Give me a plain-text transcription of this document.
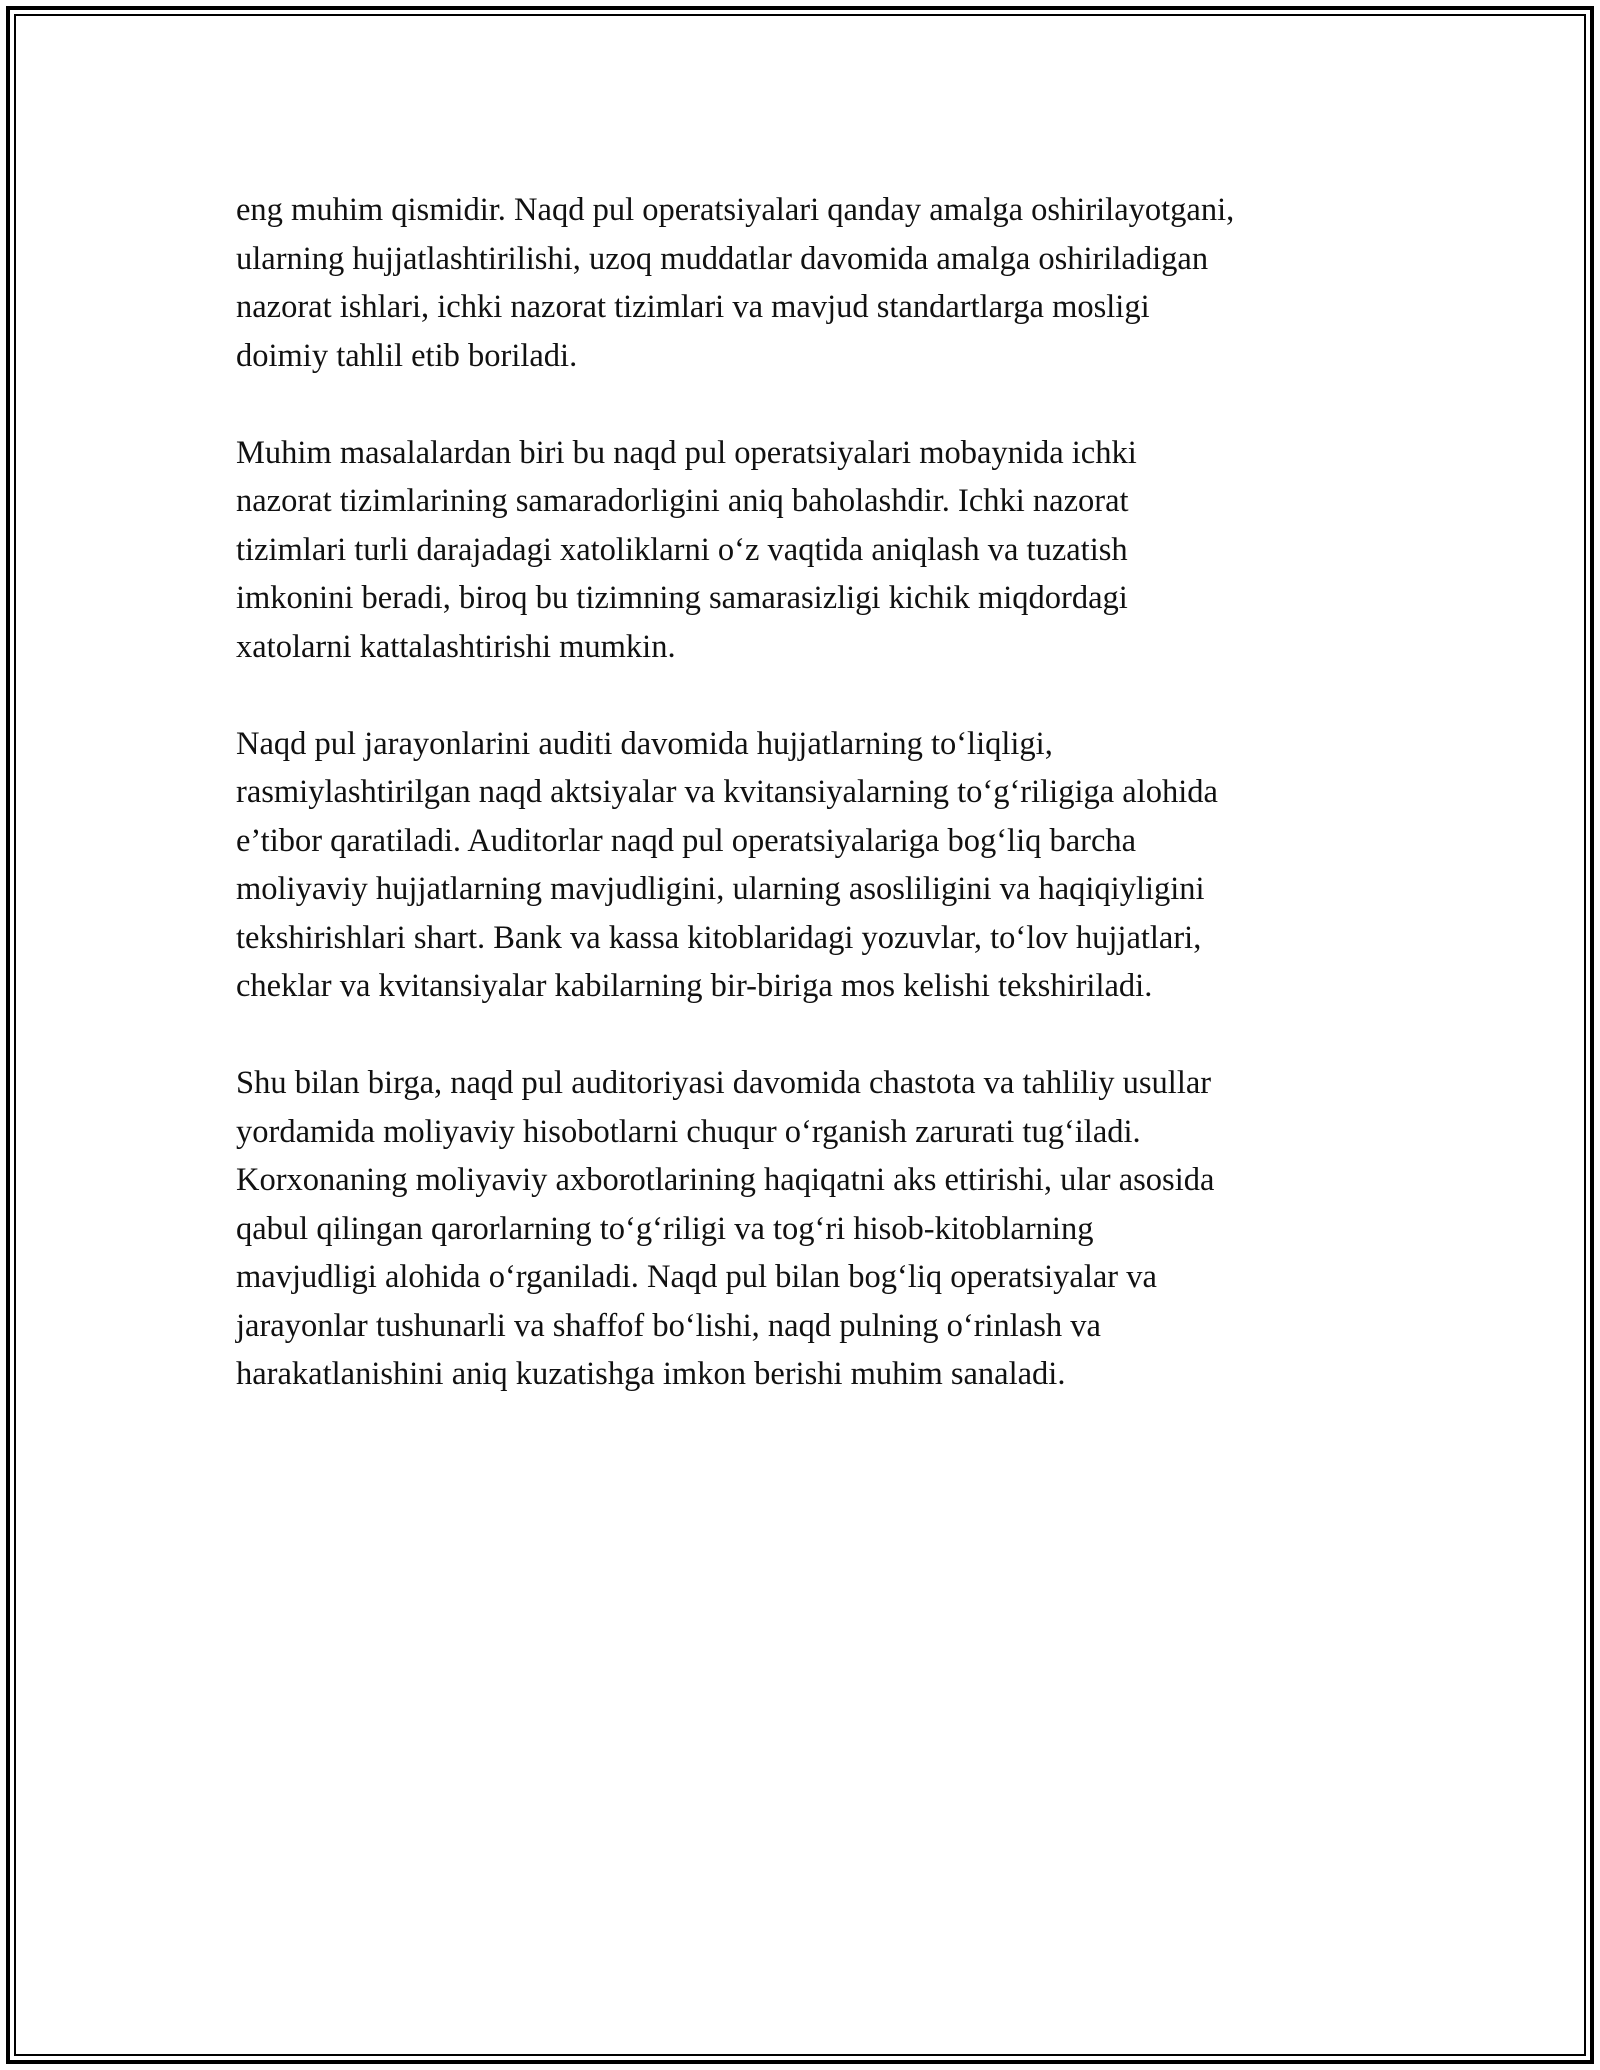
eng muhim qismidir. Naqd pul operatsiyalari qanday amalga oshirilayotgani,
ularning hujjatlashtirilishi, uzoq muddatlar davomida amalga oshiriladigan
nazorat ishlari, ichki nazorat tizimlari va mavjud standartlarga mosligi
doimiy tahlil etib boriladi.

Muhim masalalardan biri bu naqd pul operatsiyalari mobaynida ichki
nazorat tizimlarining samaradorligini aniq baholashdir. Ichki nazorat
tizimlari turli darajadagi xatoliklarni o‘z vaqtida aniqlash va tuzatish
imkonini beradi, biroq bu tizimning samarasizligi kichik miqdordagi
xatolarni kattalashtirishi mumkin.

Naqd pul jarayonlarini auditi davomida hujjatlarning to‘liqligi,
rasmiylashtirilgan naqd aktsiyalar va kvitansiyalarning to‘g‘riligiga alohida
e’tibor qaratiladi. Auditorlar naqd pul operatsiyalariga bog‘liq barcha
moliyaviy hujjatlarning mavjudligini, ularning asosliligini va haqiqiyligini
tekshirishlari shart. Bank va kassa kitoblaridagi yozuvlar, to‘lov hujjatlari,
cheklar va kvitansiyalar kabilarning bir-biriga mos kelishi tekshiriladi.

Shu bilan birga, naqd pul auditoriyasi davomida chastota va tahliliy usullar
yordamida moliyaviy hisobotlarni chuqur o‘rganish zarurati tug‘iladi.
Korxonaning moliyaviy axborotlarining haqiqatni aks ettirishi, ular asosida
qabul qilingan qarorlarning to‘g‘riligi va tog‘ri hisob-kitoblarning
mavjudligi alohida o‘rganiladi. Naqd pul bilan bog‘liq operatsiyalar va
jarayonlar tushunarli va shaffof bo‘lishi, naqd pulning o‘rinlash va
harakatlanishini aniq kuzatishga imkon berishi muhim sanaladi.
